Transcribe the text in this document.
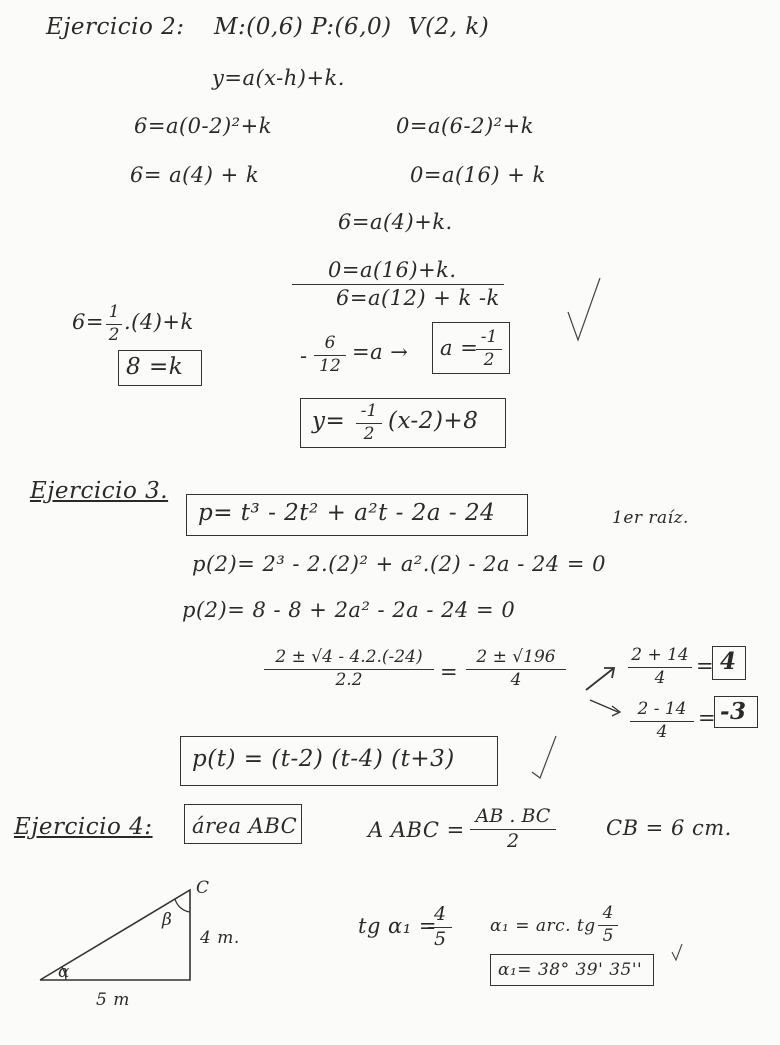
Ejercicio 2: M:(0,6) P:(6,0) V(2, k)
y=a(x-h)+k.
6=a(0-2)²+k	0=a(6-2)²+k
6= a(4) + k	0=a(16) + k
6=a(4)+k.
0=a(16)+k.
6=a(12) + k -k
6= 1
2
.(4)+k
8 =k	-
6
12
=a → a = -1
2
y= -1
2 (x-2)+8
Ejercicio 3.
p= t³ - 2t² + a²t - 2a - 24	1er raíz.
p(2)= 2³ - 2.(2)² + a².(2) - 2a - 24 = 0
p(2)= 8 - 8 + 2a² - 2a - 24 = 0
2 ± √4 - 4.2.(-24)
2.2	=
2 ± √196
4
2 + 14
4	= 4
2 - 14
4
= -3
p(t) = (t-2) (t-4) (t+3)
Ejercicio 4: área ABC	A ABC =
AB . BC
2
CB = 6 cm.
C
β
α
4 m.
5 m
tg α₁ =
4
5
α₁ = arc. tg
4
5
α₁= 38° 39' 35''
